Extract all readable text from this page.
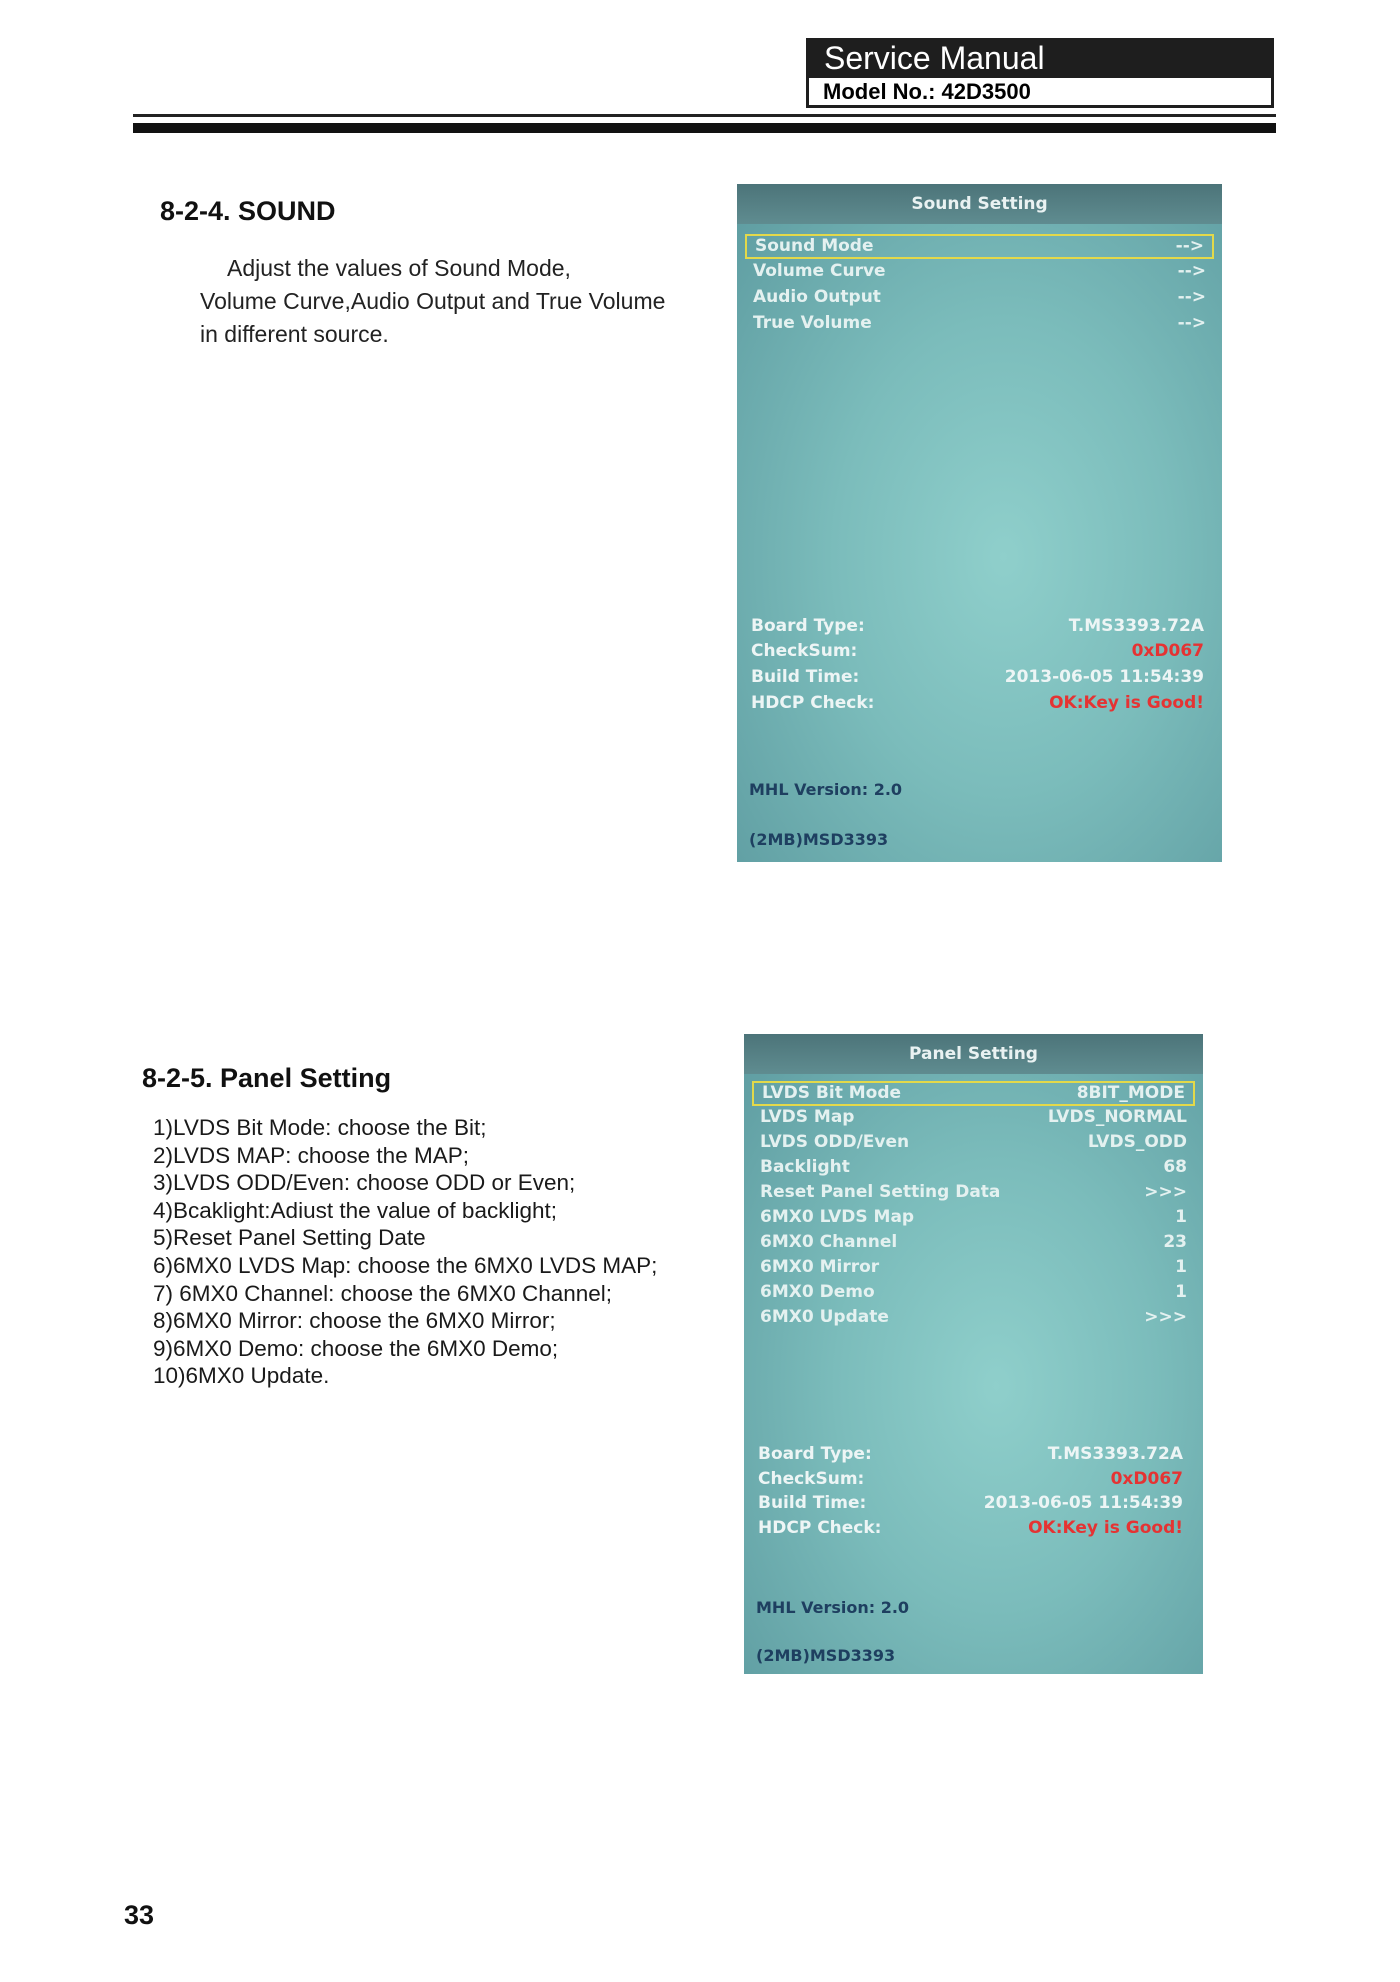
Service Manual
Model No.: 42D3500
8-2-4. SOUND
Adjust the values of Sound Mode,
Volume Curve,Audio Output and True Volume
in different source.
Sound Setting
Sound Mode	-->
Volume Curve	-->
Audio Output	-->
True Volume	-->
Board Type:	T.MS3393.72A
CheckSum:	0xD067
Build Time:	2013-06-05 11:54:39
HDCP Check:	OK:Key is Good!
MHL Version: 2.0
(2MB)MSD3393
8-2-5. Panel Setting
1)LVDS Bit Mode: choose the Bit;
2)LVDS MAP: choose the MAP;
3)LVDS ODD/Even: choose ODD or Even;
4)Bcaklight:Adiust the value of backlight;
5)Reset Panel Setting Date
6)6MX0 LVDS Map: choose the 6MX0 LVDS MAP;
7) 6MX0 Channel: choose the 6MX0 Channel;
8)6MX0 Mirror: choose the 6MX0 Mirror;
9)6MX0 Demo: choose the 6MX0 Demo;
10)6MX0 Update.
Panel Setting
LVDS Bit Mode	8BIT_MODE
LVDS Map	LVDS_NORMAL
LVDS ODD/Even	LVDS_ODD
Backlight	68
Reset Panel Setting Data	>>>
6MX0 LVDS Map	1
6MX0 Channel	23
6MX0 Mirror	1
6MX0 Demo	1
6MX0 Update	>>>
Board Type:	T.MS3393.72A
CheckSum:	0xD067
Build Time:	2013-06-05 11:54:39
HDCP Check:	OK:Key is Good!
MHL Version: 2.0
(2MB)MSD3393
33
